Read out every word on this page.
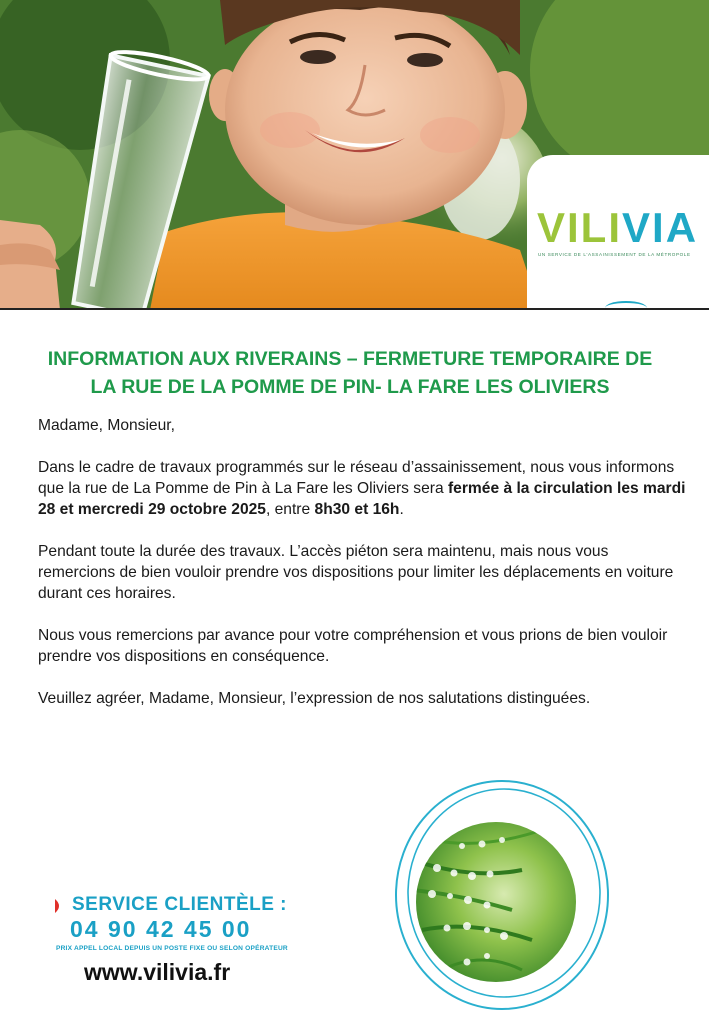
VILIVIA
UN SERVICE DE L'ASSAINISSEMENT DE LA MÉTROPOLE
INFORMATION AUX RIVERAINS – FERMETURE TEMPORAIRE DE
LA RUE DE LA POMME DE PIN- LA FARE LES OLIVIERS

Madame, Monsieur,

Dans le cadre de travaux programmés sur le réseau d’assainissement, nous vous informons que la rue de La Pomme de Pin à La Fare les Oliviers sera fermée à la circulation les mardi 28 et mercredi 29 octobre 2025, entre 8h30 et 16h.

Pendant toute la durée des travaux. L’accès piéton sera maintenu, mais nous vous remercions de bien vouloir prendre vos dispositions pour limiter les déplacements en voiture durant ces horaires.

Nous vous remercions par avance pour votre compréhension et vous prions de bien vouloir prendre vos dispositions en conséquence.

Veuillez agréer, Madame, Monsieur, l’expression de nos salutations distinguées.

SERVICE CLIENTÈLE :
04 90 42 45 00
PRIX APPEL LOCAL DEPUIS UN POSTE FIXE OU SELON OPÉRATEUR
www.vilivia.fr
